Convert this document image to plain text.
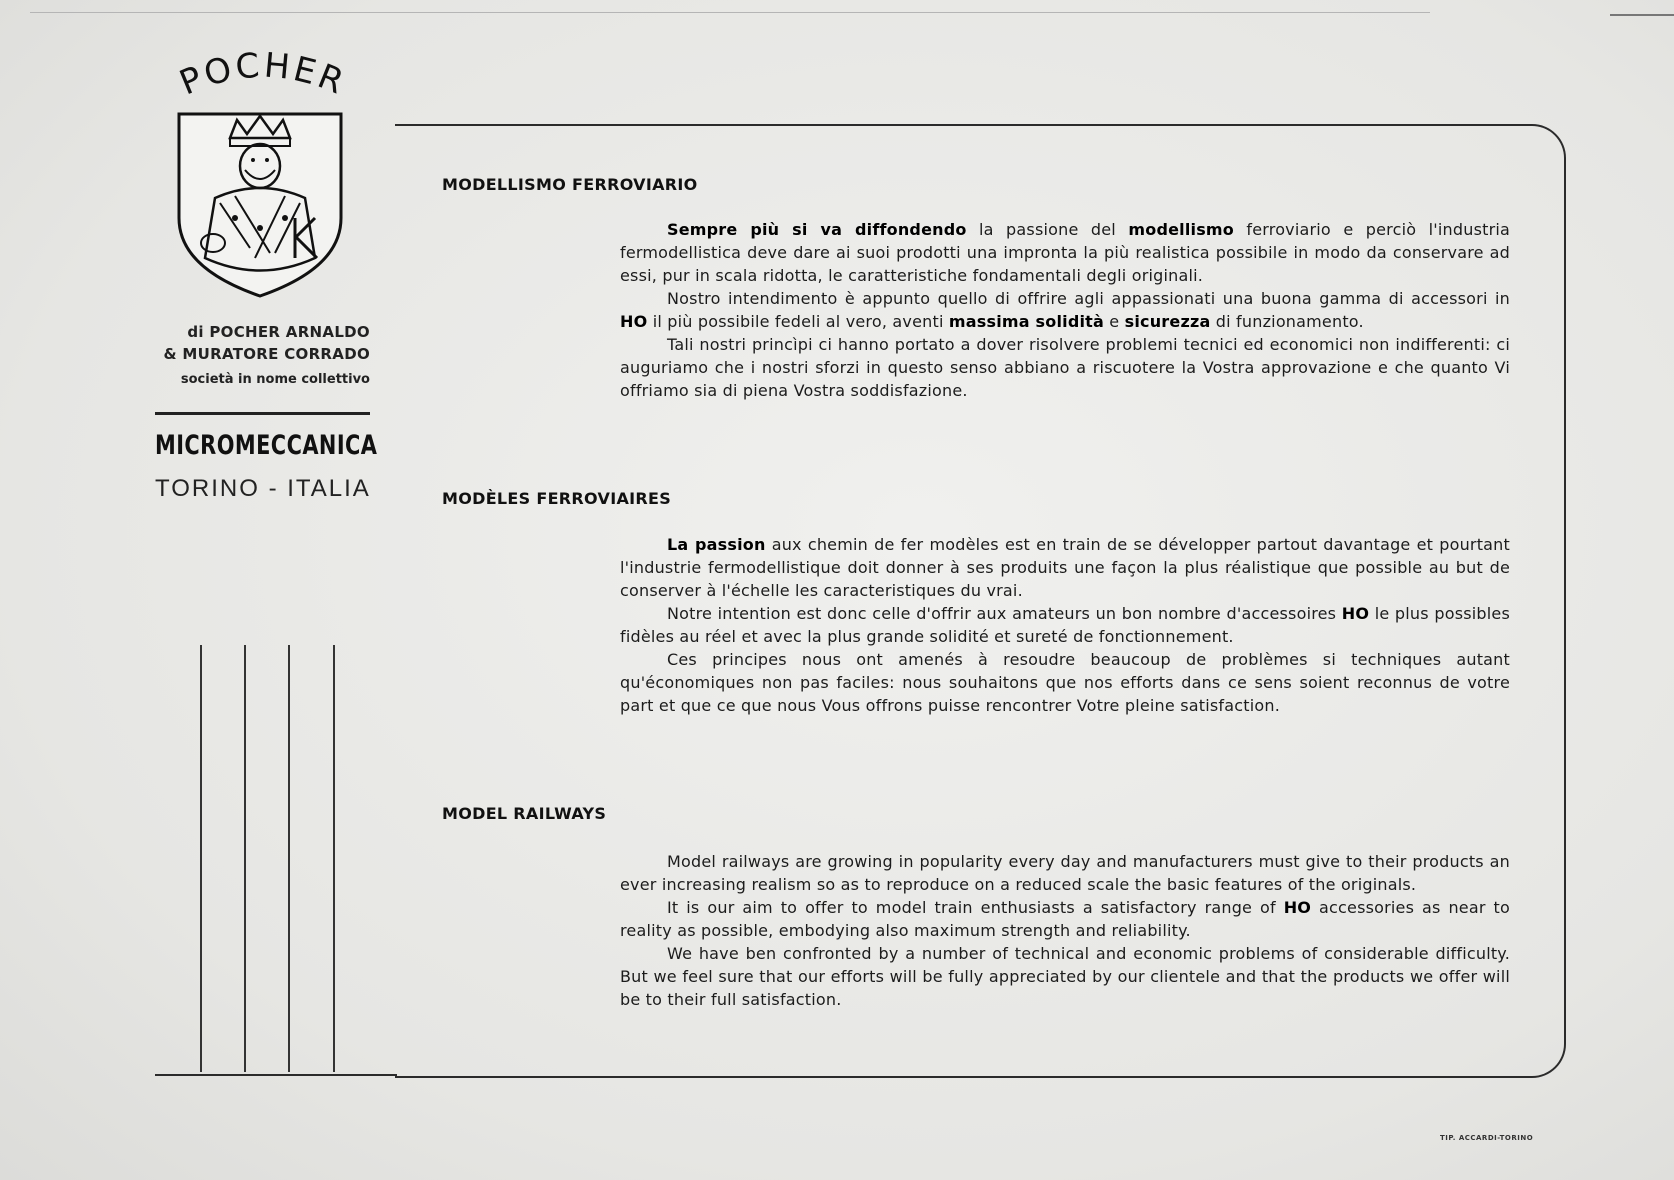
POCHER
di POCHER ARNALDO
& MURATORE CORRADO
società in nome collettivo
MICROMECCANICA
TORINO - ITALIA
MODELLISMO FERROVIARIO

Sempre più si va diffondendo la passione del modellismo ferroviario e perciò l'industria fermodellistica deve dare ai suoi prodotti una impronta la più realistica possibile in modo da conservare ad essi, pur in scala ridotta, le caratteristiche fondamentali degli originali.

Nostro intendimento è appunto quello di offrire agli appassionati una buona gamma di accessori in HO il più possibile fedeli al vero, aventi massima solidità e sicurezza di funzionamento.

Tali nostri princìpi ci hanno portato a dover risolvere problemi tecnici ed economici non indifferenti: ci auguriamo che i nostri sforzi in questo senso abbiano a riscuotere la Vostra approvazione e che quanto Vi offriamo sia di piena Vostra soddisfazione.

MODÈLES FERROVIAIRES

La passion aux chemin de fer modèles est en train de se développer partout davantage et pourtant l'industrie fermodellistique doit donner à ses produits une façon la plus réalistique que possible au but de conserver à l'échelle les caracteristiques du vrai.

Notre intention est donc celle d'offrir aux amateurs un bon nombre d'accessoires HO le plus possibles fidèles au réel et avec la plus grande solidité et sureté de fonctionnement.

Ces principes nous ont amenés à resoudre beaucoup de problèmes si techniques autant qu'économiques non pas faciles: nous souhaitons que nos efforts dans ce sens soient reconnus de votre part et que ce que nous Vous offrons puisse rencontrer Votre pleine satisfaction.

MODEL RAILWAYS

Model railways are growing in popularity every day and manufacturers must give to their products an ever increasing realism so as to reproduce on a reduced scale the basic features of the originals.

It is our aim to offer to model train enthusiasts a satisfactory range of HO accessories as near to reality as possible, embodying also maximum strength and reliability.

We have ben confronted by a number of technical and economic problems of considerable difficulty. But we feel sure that our efforts will be fully appreciated by our clientele and that the products we offer will be to their full satisfaction.

TIP. ACCARDI-TORINO
